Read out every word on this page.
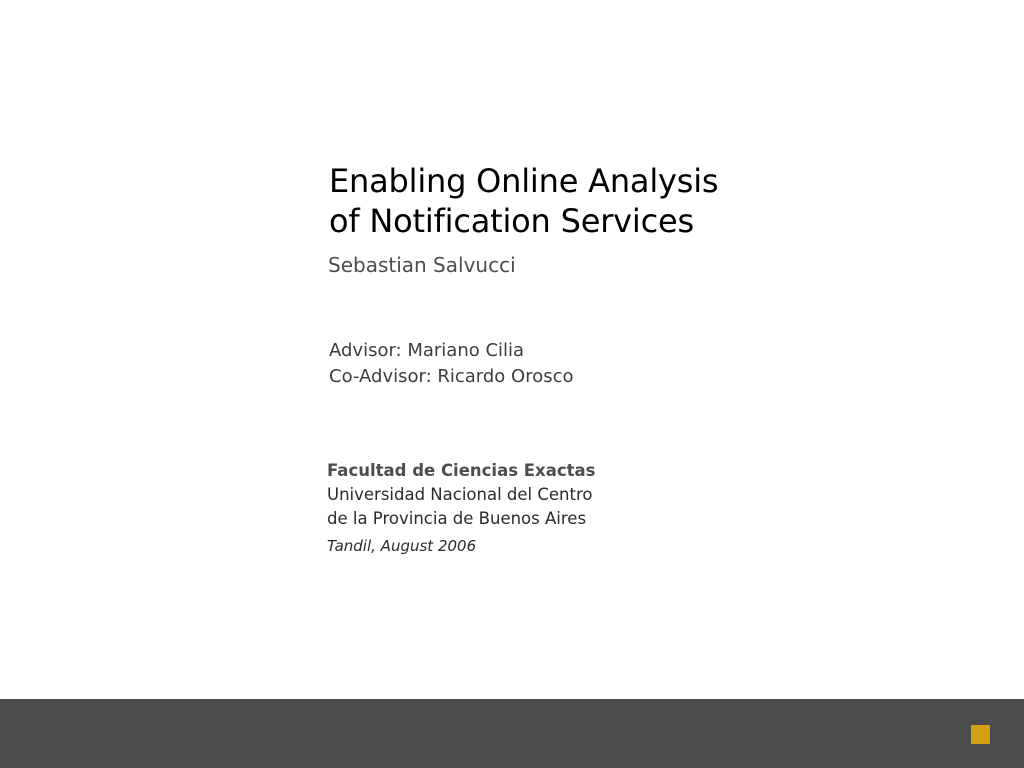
Enabling Online Analysis
of Notification Services
Sebastian Salvucci
Advisor: Mariano Cilia
Co-Advisor: Ricardo Orosco
Facultad de Ciencias Exactas
Universidad Nacional del Centro
de la Provincia de Buenos Aires
Tandil, August 2006
